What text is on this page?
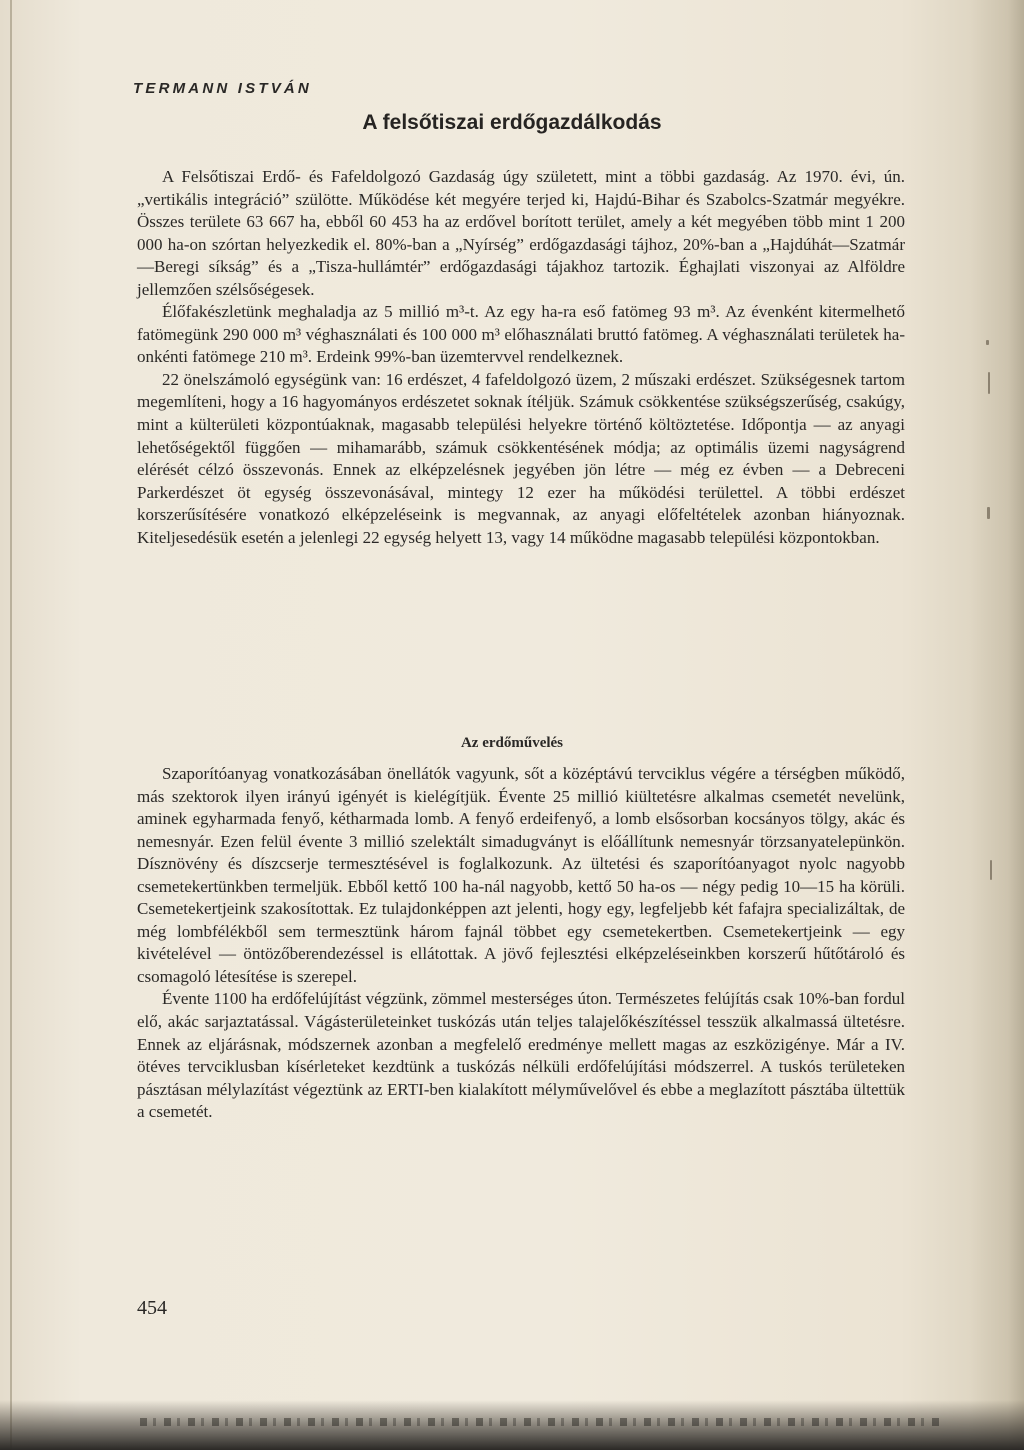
TERMANN ISTVÁN
A felsőtiszai erdőgazdálkodás

A Felsőtiszai Erdő- és Fafeldolgozó Gazdaság úgy született, mint a többi gazdaság. Az 1970. évi, ún. „vertikális integráció” szülötte. Működése két megyére terjed ki, Hajdú-Bihar és Szabolcs-Szatmár megyékre. Összes területe 63 667 ha, ebből 60 453 ha az erdővel borított terület, amely a két megyében több mint 1 200 000 ha-on szórtan helyezkedik el. 80%-ban a „Nyírség” erdőgazdasági tájhoz, 20%-ban a „Hajdúhát—Szatmár—Beregi síkság” és a „Tisza-hullámtér” erdőgazdasági tájakhoz tartozik. Éghajlati viszonyai az Alföldre jellemzően szélsőségesek.

Élőfakészletünk meghaladja az 5 millió m³-t. Az egy ha-ra eső fatömeg 93 m³. Az évenként kitermelhető fatömegünk 290 000 m³ véghasználati és 100 000 m³ előhasználati bruttó fatömeg. A véghasználati területek ha-onkénti fatömege 210 m³. Erdeink 99%-ban üzemtervvel rendelkeznek.

22 önelszámoló egységünk van: 16 erdészet, 4 fafeldolgozó üzem, 2 műszaki erdészet. Szükségesnek tartom megemlíteni, hogy a 16 hagyományos erdészetet soknak ítéljük. Számuk csökkentése szükségszerűség, csakúgy, mint a külterületi központúaknak, magasabb települési helyekre történő költöztetése. Időpontja — az anyagi lehetőségektől függően — mihamarább, számuk csökkentésének módja; az optimális üzemi nagyságrend elérését célzó összevonás. Ennek az elképzelésnek jegyében jön létre — még ez évben — a Debreceni Parkerdészet öt egység összevonásával, mintegy 12 ezer ha működési területtel. A többi erdészet korszerűsítésére vonatkozó elképzeléseink is megvannak, az anyagi előfeltételek azonban hiányoznak. Kiteljesedésük esetén a jelenlegi 22 egység helyett 13, vagy 14 működne magasabb települési központokban.

Az erdőművelés

Szaporítóanyag vonatkozásában önellátók vagyunk, sőt a középtávú tervciklus végére a térségben működő, más szektorok ilyen irányú igényét is kielégítjük. Évente 25 millió kiültetésre alkalmas csemetét nevelünk, aminek egyharmada fenyő, kétharmada lomb. A fenyő erdeifenyő, a lomb elsősorban kocsányos tölgy, akác és nemesnyár. Ezen felül évente 3 millió szelektált simadugványt is előállítunk nemesnyár törzsanyatelepünkön. Dísznövény és díszcserje termesztésével is foglalkozunk. Az ültetési és szaporítóanyagot nyolc nagyobb csemetekertünkben termeljük. Ebből kettő 100 ha-nál nagyobb, kettő 50 ha-os — négy pedig 10—15 ha körüli. Csemetekertjeink szakosítottak. Ez tulajdonképpen azt jelenti, hogy egy, legfeljebb két fafajra specializáltak, de még lombfélékből sem termesztünk három fajnál többet egy csemetekertben. Csemetekertjeink — egy kivételével — öntözőberendezéssel is ellátottak. A jövő fejlesztési elképzeléseinkben korszerű hűtőtároló és csomagoló létesítése is szerepel.

Évente 1100 ha erdőfelújítást végzünk, zömmel mesterséges úton. Természetes felújítás csak 10%-ban fordul elő, akác sarjaztatással. Vágásterületeinket tuskózás után teljes talajelőkészítéssel tesszük alkalmassá ültetésre. Ennek az eljárásnak, módszernek azonban a megfelelő eredménye mellett magas az eszközigénye. Már a IV. ötéves tervciklusban kísérleteket kezdtünk a tuskózás nélküli erdőfelújítási módszerrel. A tuskós területeken pásztásan mélylazítást végeztünk az ERTI-ben kialakított mélyművelővel és ebbe a meglazított pásztába ültettük a csemetét.

454
